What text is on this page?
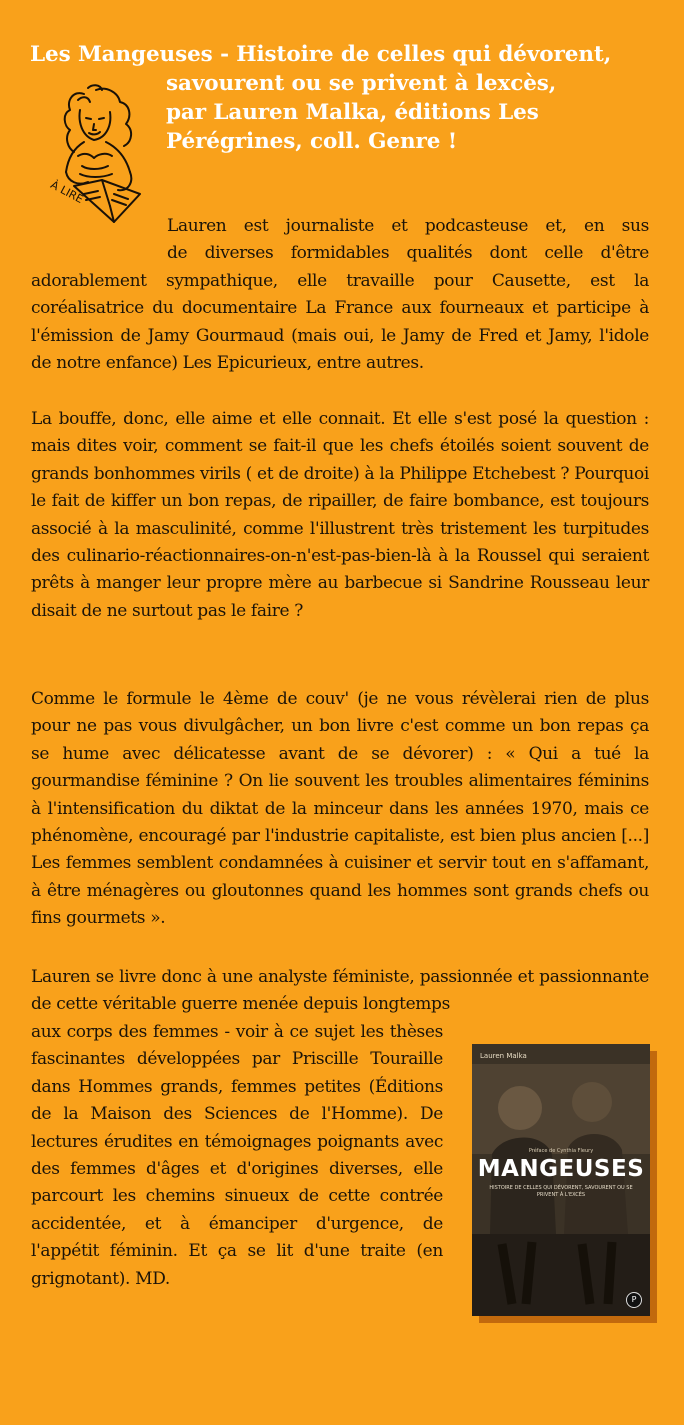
Les Mangeuses - Histoire de celles qui dévorent,
savourent ou se privent à lexcès,
par Lauren Malka, éditions Les
Pérégrines, coll. Genre !
À LIRE

Lauren est journaliste et podcasteuse et, en sus de diverses formidables qualités dont celle d'être adorablement sympathique, elle travaille pour Causette, est la coréalisatrice du documentaire La France aux fourneaux et participe à l'émission de Jamy Gourmaud (mais oui, le Jamy de Fred et Jamy, l'idole de notre enfance) Les Epicurieux, entre autres.

La bouffe, donc, elle aime et elle connait. Et elle s'est posé la question : mais dites voir, comment se fait-il que les chefs étoilés soient souvent de grands bonhommes virils ( et de droite) à la Philippe Etchebest ? Pourquoi le fait de kiffer un bon repas, de ripailler, de faire bombance, est toujours associé à la masculinité, comme l'illustrent très tristement les turpitudes des culinario-réactionnaires-on-n'est-pas-bien-là à la Roussel qui seraient prêts à manger leur propre mère au barbecue si Sandrine Rousseau leur disait de ne surtout pas le faire ?

Comme le formule le 4ème de couv' (je ne vous révèlerai rien de plus pour ne pas vous divulgâcher, un bon livre c'est comme un bon repas ça se hume avec délicatesse avant de se dévorer) : « Qui a tué la gourmandise féminine ? On lie souvent les troubles alimentaires féminins à l'intensification du diktat de la minceur dans les années 1970, mais ce phénomène, encouragé par l'industrie capitaliste, est bien plus ancien [...] Les femmes semblent condamnées à cuisiner et servir tout en s'affamant, à être ménagères ou gloutonnes quand les hommes sont grands chefs ou fins gourmets ».

Lauren se livre donc à une analyste féministe, passionnée et passionnante de cette véritable guerre menée depuis longtemps

aux corps des femmes - voir à ce sujet les thèses fascinantes développées par Priscille Touraille dans Hommes grands, femmes petites (Éditions de la Maison des Sciences de l'Homme). De lectures érudites en témoignages poignants avec des femmes d'âges et d'origines diverses, elle parcourt les chemins sinueux de cette contrée accidentée, et à émanciper d'urgence, de l'appétit féminin. Et ça se lit d'une traite (en grignotant). MD.

Lauren Malka
Préface de Cynthia Fleury
MANGEUSES
HISTOIRE DE CELLES QUI DÉVORENT, SAVOURENT OU SE PRIVENT À L'EXCÈS
P
